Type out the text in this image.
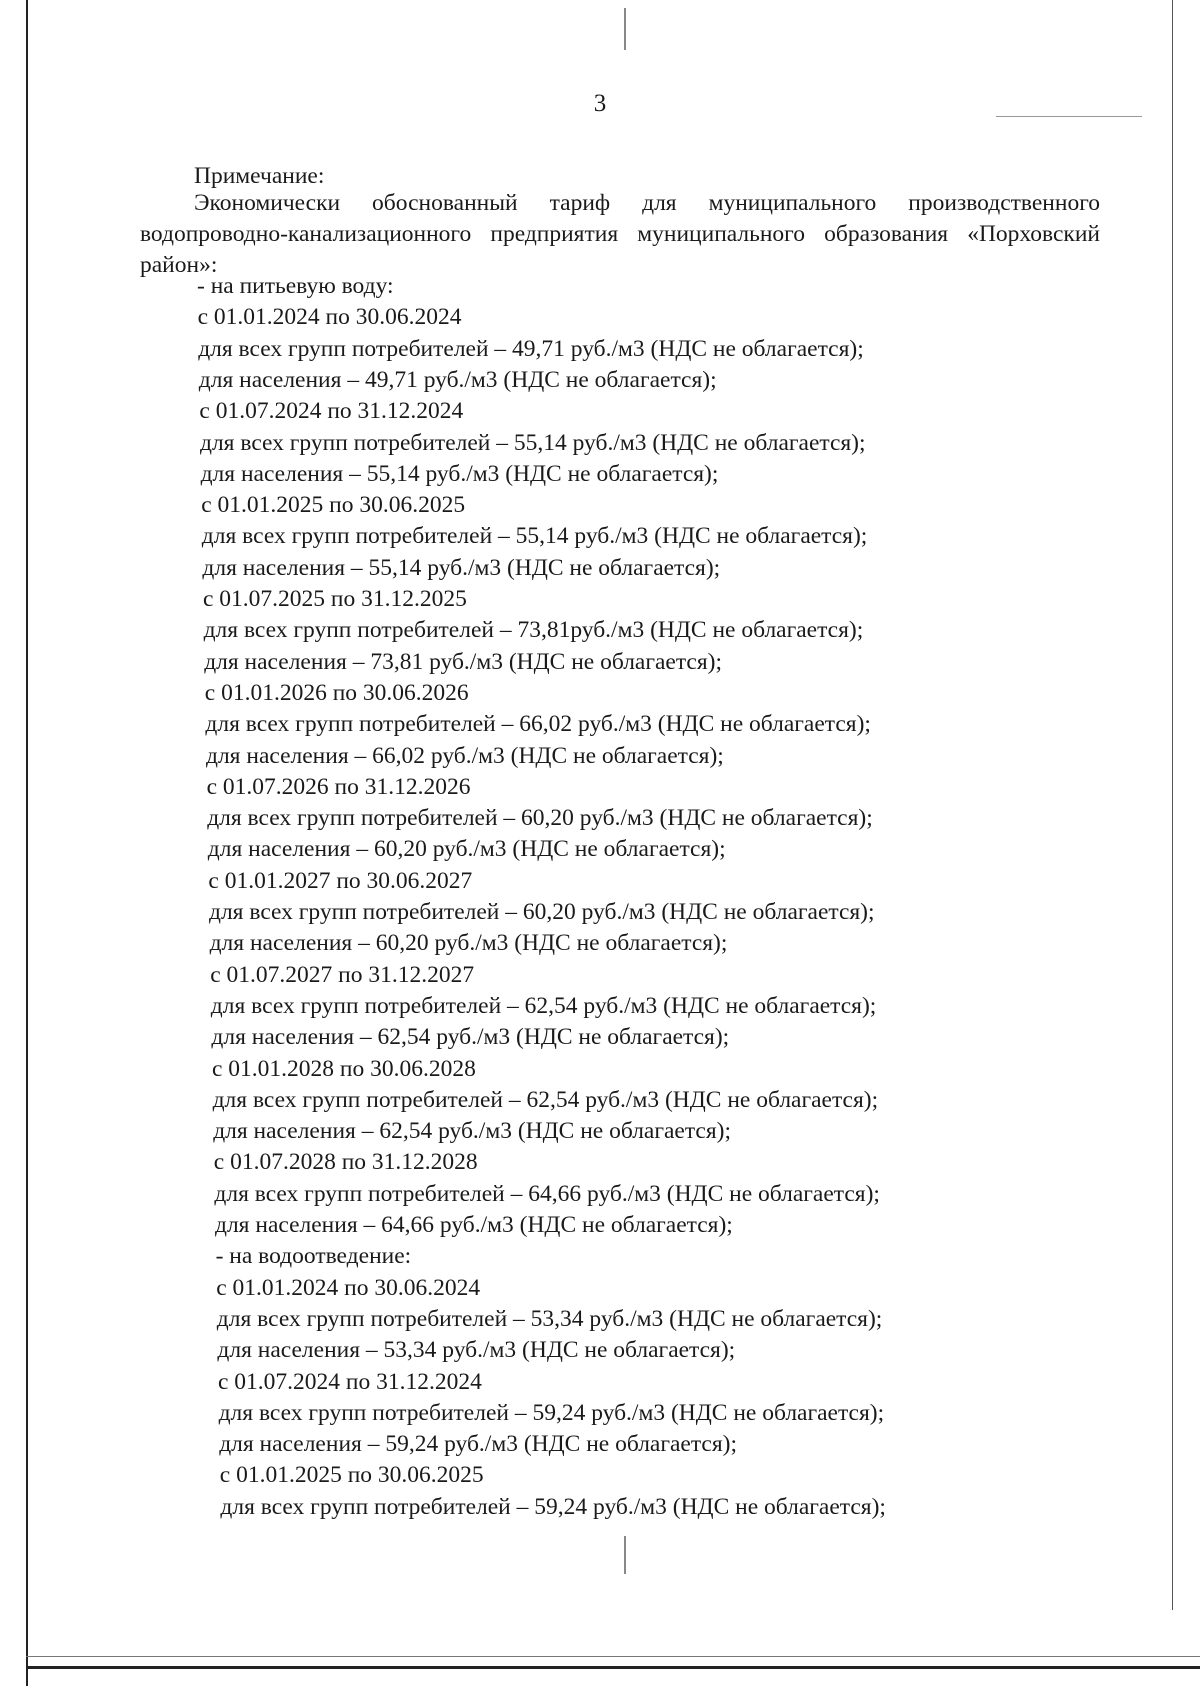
3
Примечание:
Экономически обоснованный тариф для муниципального производственного водопроводно-канализационного предприятия муниципального образования «Порховский район»:
- на питьевую воду:
с 01.01.2024 по 30.06.2024
для всех групп потребителей – 49,71 руб./м3 (НДС не облагается);
для населения – 49,71 руб./м3 (НДС не облагается);
с 01.07.2024 по 31.12.2024
для всех групп потребителей – 55,14 руб./м3 (НДС не облагается);
для населения – 55,14 руб./м3 (НДС не облагается);
с 01.01.2025 по 30.06.2025
для всех групп потребителей – 55,14 руб./м3 (НДС не облагается);
для населения – 55,14 руб./м3 (НДС не облагается);
с 01.07.2025 по 31.12.2025
для всех групп потребителей – 73,81руб./м3 (НДС не облагается);
для населения – 73,81 руб./м3 (НДС не облагается);
с 01.01.2026 по 30.06.2026
для всех групп потребителей – 66,02 руб./м3 (НДС не облагается);
для населения – 66,02 руб./м3 (НДС не облагается);
с 01.07.2026 по 31.12.2026
для всех групп потребителей – 60,20 руб./м3 (НДС не облагается);
для населения – 60,20 руб./м3 (НДС не облагается);
с 01.01.2027 по 30.06.2027
для всех групп потребителей – 60,20 руб./м3 (НДС не облагается);
для населения – 60,20 руб./м3 (НДС не облагается);
с 01.07.2027 по 31.12.2027
для всех групп потребителей – 62,54 руб./м3 (НДС не облагается);
для населения – 62,54 руб./м3 (НДС не облагается);
с 01.01.2028 по 30.06.2028
для всех групп потребителей – 62,54 руб./м3 (НДС не облагается);
для населения – 62,54 руб./м3 (НДС не облагается);
с 01.07.2028 по 31.12.2028
для всех групп потребителей – 64,66 руб./м3 (НДС не облагается);
для населения – 64,66 руб./м3 (НДС не облагается);
- на водоотведение:
с 01.01.2024 по 30.06.2024
для всех групп потребителей – 53,34 руб./м3 (НДС не облагается);
для населения – 53,34 руб./м3 (НДС не облагается);
с 01.07.2024 по 31.12.2024
для всех групп потребителей – 59,24 руб./м3 (НДС не облагается);
для населения – 59,24 руб./м3 (НДС не облагается);
с 01.01.2025 по 30.06.2025
для всех групп потребителей – 59,24 руб./м3 (НДС не облагается);
